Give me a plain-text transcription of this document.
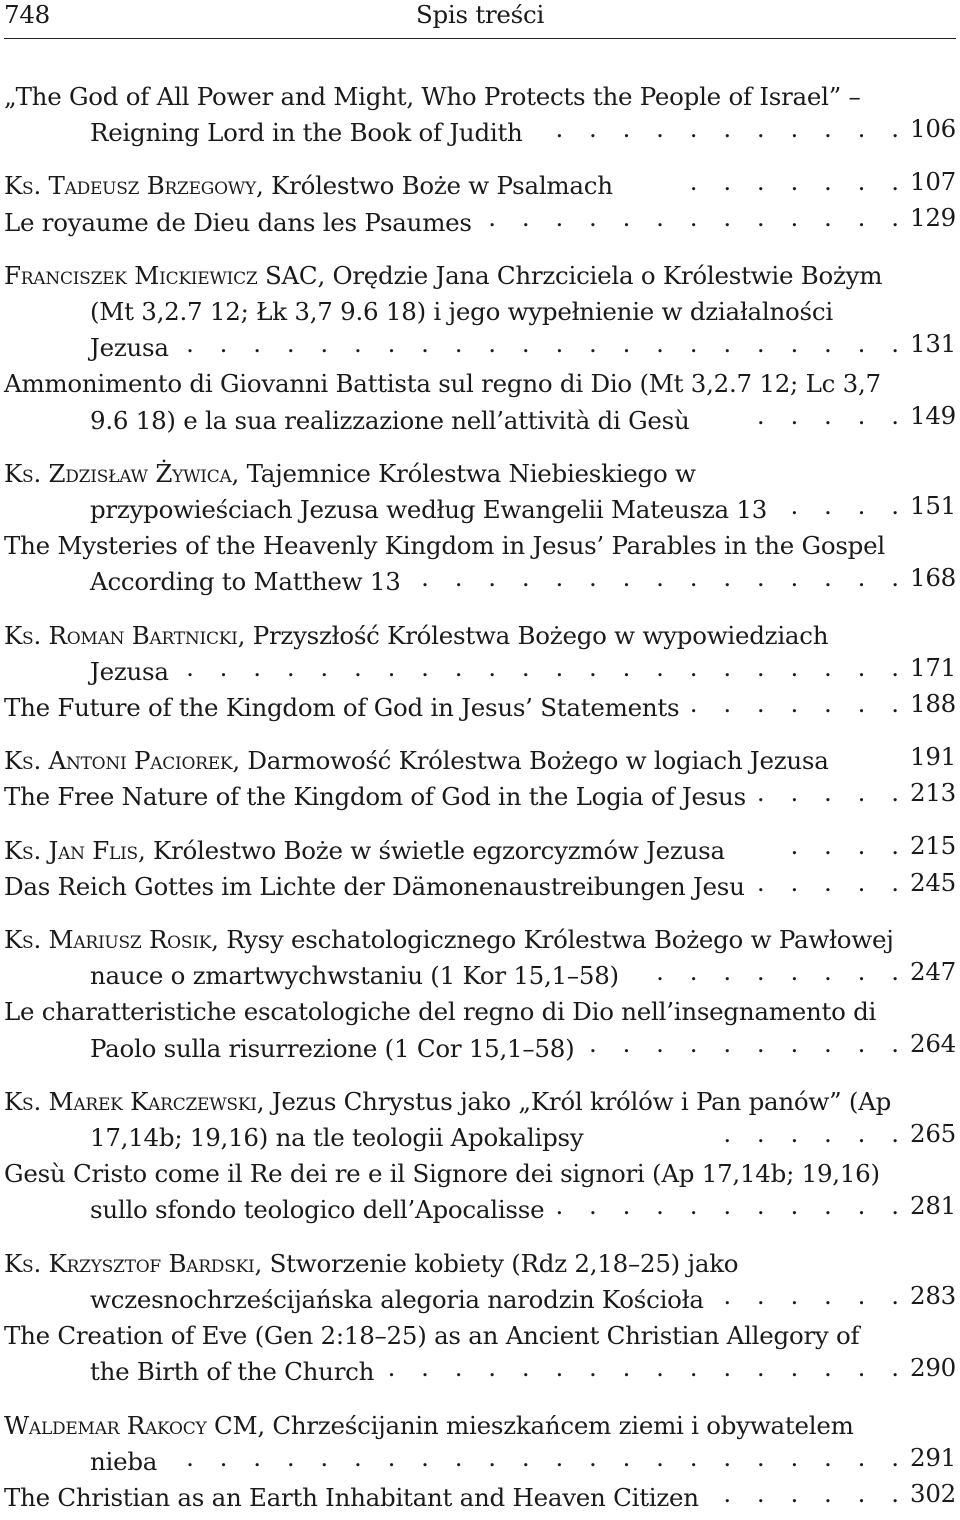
748	Spis treści
„The God of All Power and Might, Who Protects the People of Israel” – Reigning Lord in the Book of Judith . . . . . . . . . . . 106
Ks. Tadeusz Brzegowy, Królestwo Boże w Psalmach	. . . . . . . 107
Le royaume de Dieu dans les Psaumes . . . . . . . . . . . . . 129
Franciszek Mickiewicz SAC, Orędzie Jana Chrzciciela o Królestwie Bożym (Mt 3,2.7 12; Łk 3,7 9.6 18) i jego wypełnienie w działalności Jezusa . . . . . . . . . . . . . . . . . . . . . . 131
Ammonimento di Giovanni Battista sul regno di Dio (Mt 3,2.7 12; Lc 3,7 9.6 18) e la sua realizzazione nell’attività di Gesù	. . . . . 149
Ks. Zdzisław Żywica, Tajemnice Królestwa Niebieskiego w przypowieściach Jezusa według Ewangelii Mateusza 13 . . . . 151
The Mysteries of the Heavenly Kingdom in Jesus’ Parables in the Gospel According to Matthew 13 . . . . . . . . . . . . . . . 168
Ks. Roman Bartnicki, Przyszłość Królestwa Bożego w wypowiedziach Jezusa . . . . . . . . . . . . . . . . . . . . . . 171
The Future of the Kingdom of God in Jesus’ Statements . . . . . . . 188
Ks. Antoni Paciorek, Darmowość Królestwa Bożego w logiach Jezusa	191
The Free Nature of the Kingdom of God in the Logia of Jesus . . . . . 213
Ks. Jan Flis, Królestwo Boże w świetle egzorcyzmów Jezusa	. . . . 215
Das Reich Gottes im Lichte der Dämonenaustreibungen Jesu . . . . . 245
Ks. Mariusz Rosik, Rysy eschatologicznego Królestwa Bożego w Pawłowej nauce o zmartwychwstaniu (1 Kor 15,1–58) . . . . . . . . 247
Le charatteristiche escatologiche del regno di Dio nell’insegnamento di Paolo sulla risurrezione (1 Cor 15,1–58) . . . . . . . . . . 264
Ks. Marek Karczewski, Jezus Chrystus jako „Król królów i Pan panów” (Ap 17,14b; 19,16) na tle teologii Apokalipsy	. . . . . . 265
Gesù Cristo come il Re dei re e il Signore dei signori (Ap 17,14b; 19,16) sullo sfondo teologico dell’Apocalisse . . . . . . . . . . . 281
Ks. Krzysztof Bardski, Stworzenie kobiety (Rdz 2,18–25) jako wczesnochrześcijańska alegoria narodzin Kościoła . . . . . . 283
The Creation of Eve (Gen 2:18–25) as an Ancient Christian Allegory of the Birth of the Church . . . . . . . . . . . . . . . . 290
Waldemar Rakocy CM, Chrześcijanin mieszkańcem ziemi i obywatelem nieba . . . . . . . . . . . . . . . . . . . . . . 291
The Christian as an Earth Inhabitant and Heaven Citizen . . . . . . 302
